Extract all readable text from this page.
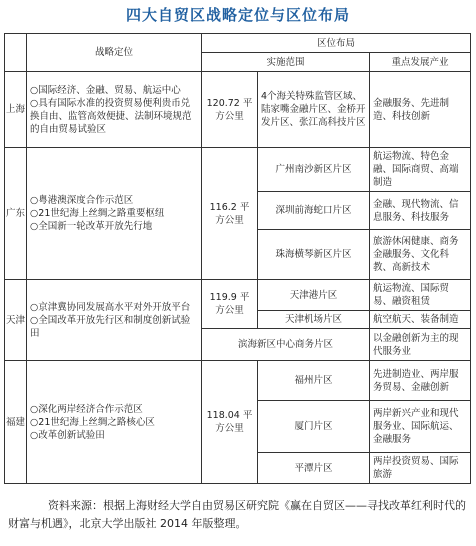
四大自贸区战略定位与区位布局
	战略定位	区位布局		
		实施范围		重点发展产业
上海	○国际经济、金融、贸易、航运中心
○具有国际水准的投资贸易便利贵币兑换自由、监管高效便捷、法制环境规范的自由贸易试验区	120.72 平方公里	4个海关特殊监管区域、陆家嘴金融片区、金桥开发片区、张江高科技片区	金融服务、先进制造、科技创新
广东	○粤港澳深度合作示范区
○21世纪海上丝绸之路重要枢纽
○全国新一轮改革开放先行地	116.2 平方公里	广州南沙新区片区	航运物流、特色金融、国际商贸、高端制造
			深圳前海蛇口片区	金融、现代物流、信息服务、科技服务
			珠海横琴新区片区	旅游休闲健康、商务金融服务、文化科教、高新技术
天津	○京津冀协同发展高水平对外开放平台
○全国改革开放先行区和制度创新试验田	119.9 平方公里	天津港片区	航运物流、国际贸易、融资租赁
			天津机场片区	航空航天、装备制造
		滨海新区中心商务片区		以金融创新为主的现代服务业
福建	○深化两岸经济合作示范区
○21世纪海上丝绸之路核心区
○改革创新试验田	118.04 平方公里	福州片区	先进制造业、两岸服务贸易、金融创新
			厦门片区	两岸新兴产业和现代服务业、国际航运、金融服务
			平潭片区	两岸投资贸易、国际旅游
资料来源：根据上海财经大学自由贸易区研究院《赢在自贸区——寻找改革红利时代的财富与机遇》，北京大学出版社 2014 年版整理。
